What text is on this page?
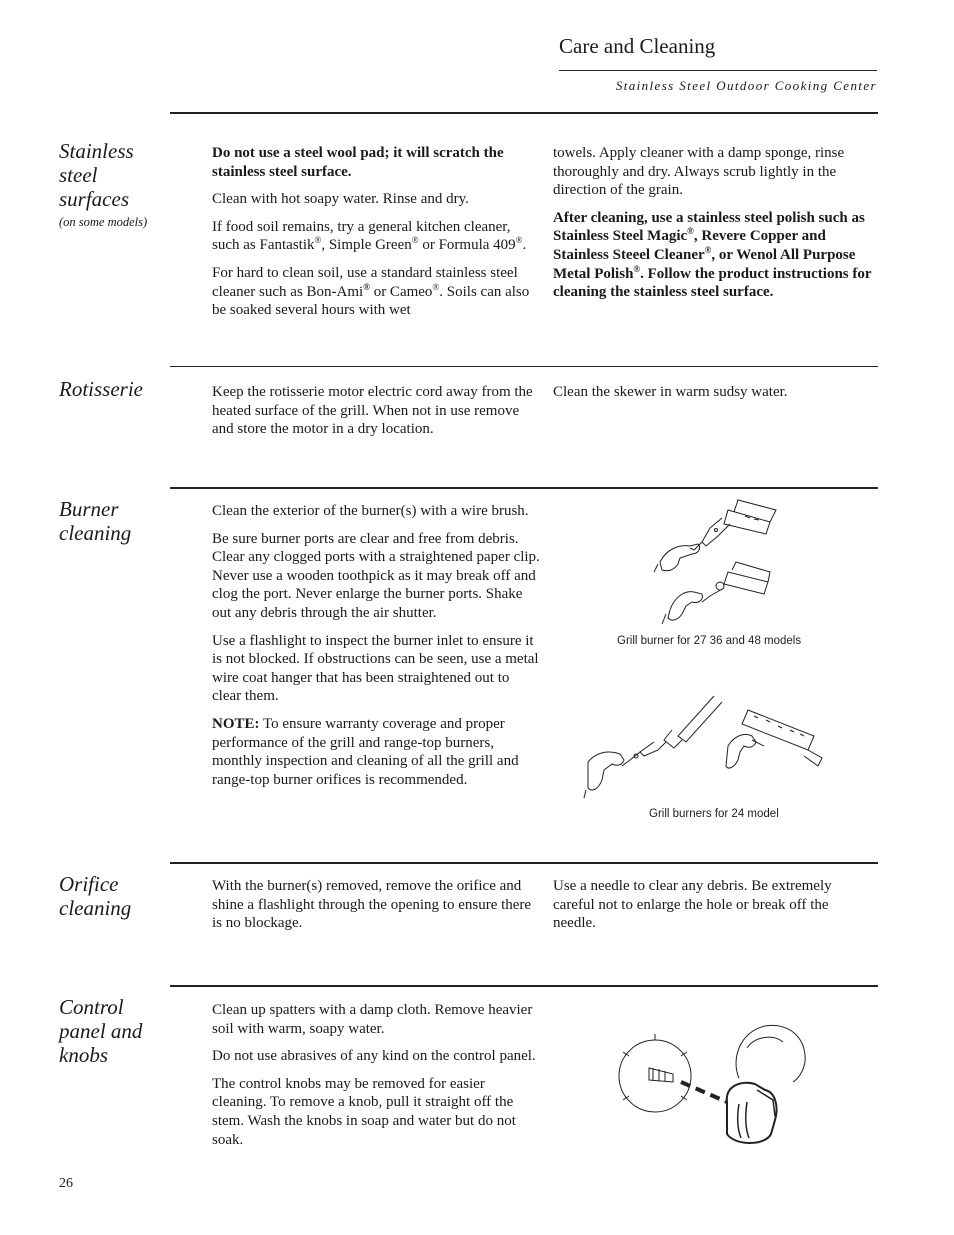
Care and Cleaning
Stainless Steel Outdoor Cooking Center
Stainless
steel
surfaces
(on some models)

Do not use a steel wool pad; it will scratch the stainless steel surface.

Clean with hot soapy water. Rinse and dry.

If food soil remains, try a general kitchen cleaner, such as Fantastik®, Simple Green® or Formula 409®.

For hard to clean soil, use a standard stainless steel cleaner such as Bon-Ami® or Cameo®. Soils can also be soaked several hours with wet

towels. Apply cleaner with a damp sponge, rinse thoroughly and dry. Always scrub lightly in the direction of the grain.

After cleaning, use a stainless steel polish such as Stainless Steel Magic®, Revere Copper and Stainless Steeel Cleaner®, or Wenol All Purpose Metal Polish®. Follow the product instructions for cleaning the stainless steel surface.

Rotisserie	Keep the rotisserie motor electric cord away from the heated surface of the grill. When not in use remove and store the motor in a dry location.

Clean the skewer in warm sudsy water.

Burner
cleaning

Clean the exterior of the burner(s) with a wire brush.

Be sure burner ports are clear and free from debris. Clear any clogged ports with a straightened paper clip. Never use a wooden toothpick as it may break off and clog the port. Never enlarge the burner ports. Shake out any debris through the air shutter.

Use a flashlight to inspect the burner inlet to ensure it is not blocked. If obstructions can be seen, use a metal wire coat hanger that has been straightened out to clear them.

NOTE: To ensure warranty coverage and proper performance of the grill and range-top burners, monthly inspection and cleaning of all the grill and range-top burner orifices is recommended.

Grill burner for 27 36 and 48 models
Grill burners for 24 model
Orifice
cleaning

With the burner(s) removed, remove the orifice and shine a flashlight through the opening to ensure there is no blockage.

Use a needle to clear any debris. Be extremely careful not to enlarge the hole or break off the needle.

Control
panel and
knobs

Clean up spatters with a damp cloth. Remove heavier soil with warm, soapy water.

Do not use abrasives of any kind on the control panel.

The control knobs may be removed for easier cleaning. To remove a knob, pull it straight off the stem. Wash the knobs in soap and water but do not soak.

26
